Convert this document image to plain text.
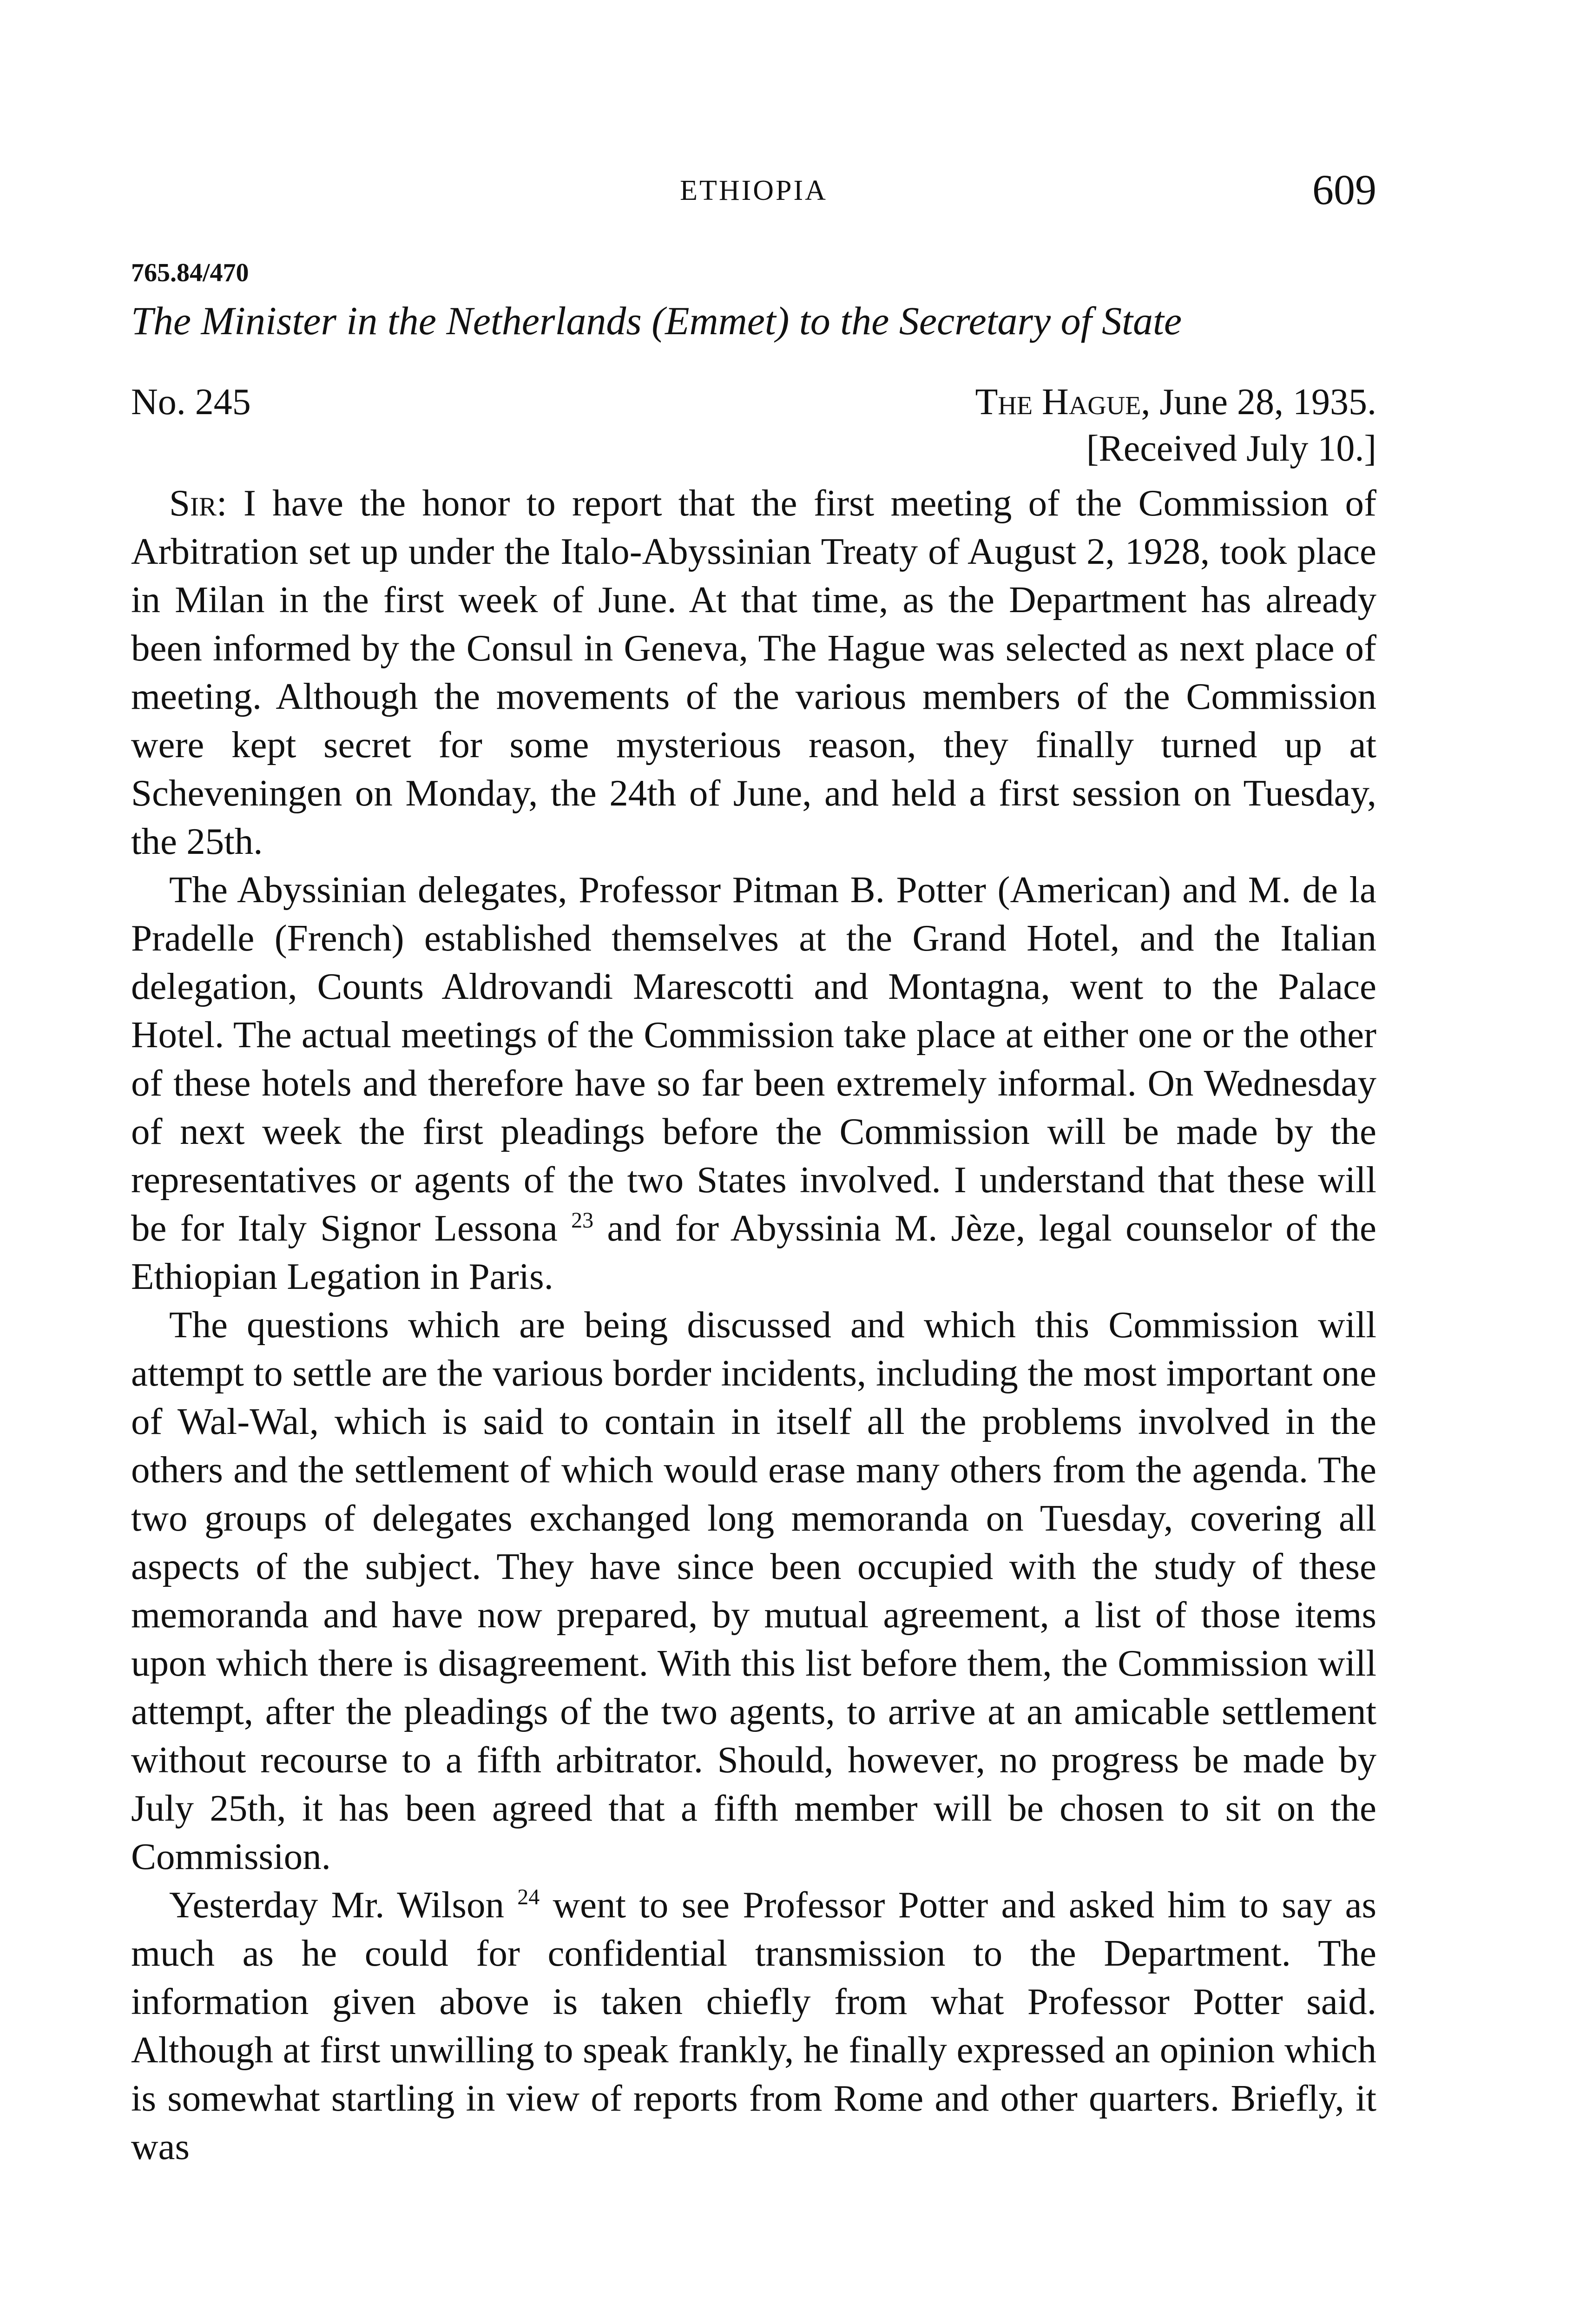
ETHIOPIA	609
765.84/470
The Minister in the Netherlands (Emmet) to the Secretary of State
No. 245	The Hague, June 28, 1935.
[Received July 10.]

Sir: I have the honor to report that the first meeting of the Commission of Arbitration set up under the Italo-Abyssinian Treaty of August 2, 1928, took place in Milan in the first week of June. At that time, as the Department has already been informed by the Consul in Geneva, The Hague was selected as next place of meeting. Although the movements of the various members of the Commission were kept secret for some mysterious reason, they finally turned up at Scheveningen on Monday, the 24th of June, and held a first session on Tuesday, the 25th.

The Abyssinian delegates, Professor Pitman B. Potter (American) and M. de la Pradelle (French) established themselves at the Grand Hotel, and the Italian delegation, Counts Aldrovandi Marescotti and Montagna, went to the Palace Hotel. The actual meetings of the Commission take place at either one or the other of these hotels and therefore have so far been extremely informal. On Wednesday of next week the first pleadings before the Commission will be made by the representatives or agents of the two States involved. I understand that these will be for Italy Signor Lessona $^{23}$ and for Abyssinia M. Jèze, legal counselor of the Ethiopian Legation in Paris.

The questions which are being discussed and which this Commission will attempt to settle are the various border incidents, including the most important one of Wal-Wal, which is said to contain in itself all the problems involved in the others and the settlement of which would erase many others from the agenda. The two groups of delegates exchanged long memoranda on Tuesday, covering all aspects of the subject. They have since been occupied with the study of these memoranda and have now prepared, by mutual agreement, a list of those items upon which there is disagreement. With this list before them, the Commission will attempt, after the pleadings of the two agents, to arrive at an amicable settlement without recourse to a fifth arbitrator. Should, however, no progress be made by July 25th, it has been agreed that a fifth member will be chosen to sit on the Commission.

Yesterday Mr. Wilson $^{24}$ went to see Professor Potter and asked him to say as much as he could for confidential transmission to the Department. The information given above is taken chiefly from what Professor Potter said. Although at first unwilling to speak frankly, he finally expressed an opinion which is somewhat startling in view of reports from Rome and other quarters. Briefly, it was
